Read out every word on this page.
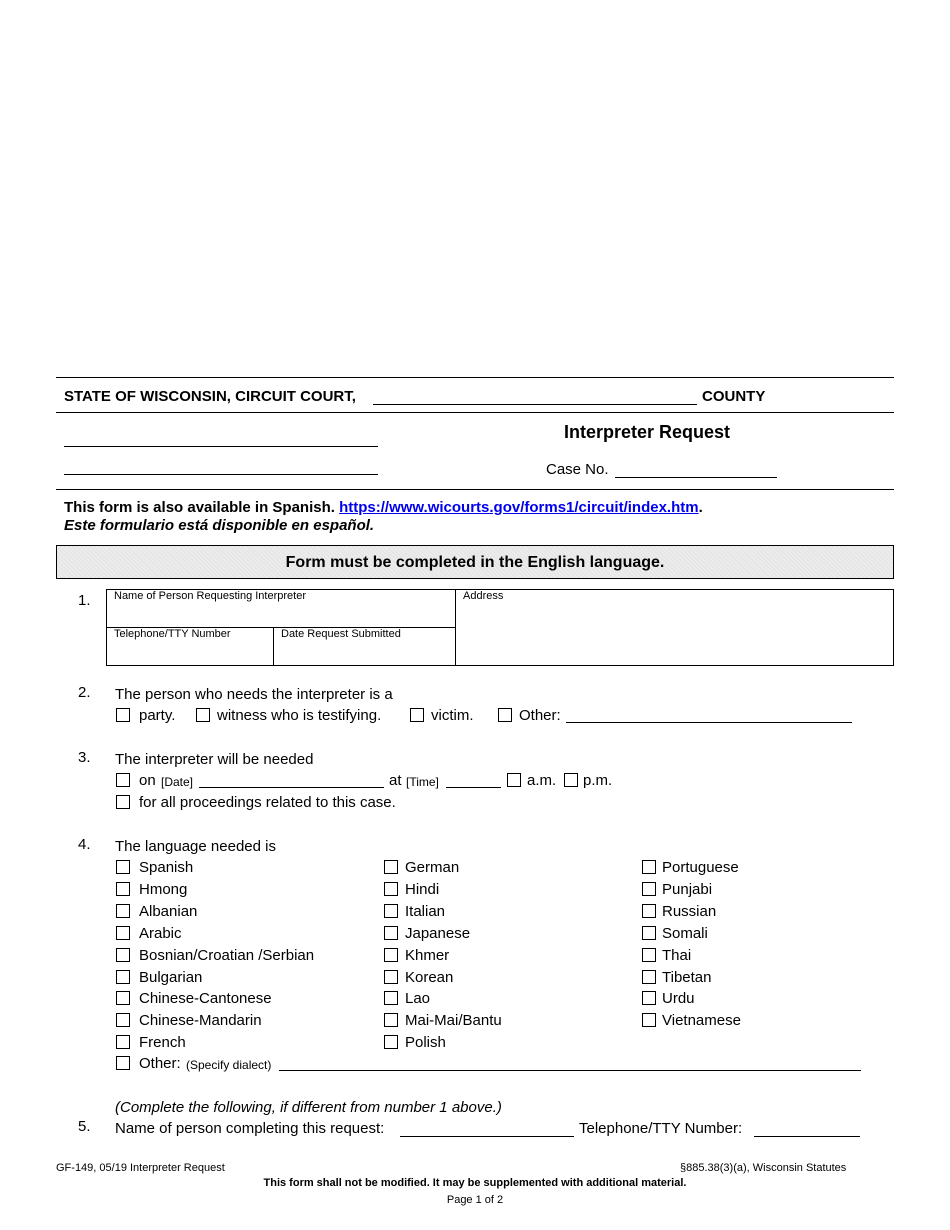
STATE OF WISCONSIN, CIRCUIT COURT,	COUNTY
Interpreter Request
Case No.
This form is also available in Spanish. https://www.wicourts.gov/forms1/circuit/index.htm.
Este formulario está disponible en español.
Form must be completed in the English language.
1. Name of Person Requesting Interpreter	Address
Telephone/TTY Number	Date Request Submitted
2. The person who needs the interpreter is a
party.	witness who is testifying.	victim.	Other:
3. The interpreter will be needed
on [Date]	at [Time]	a.m. p.m.
for all proceedings related to this case.
4. The language needed is
Spanish
Hmong
Albanian
Arabic
Bosnian/Croatian /Serbian
Bulgarian
Chinese-Cantonese
Chinese-Mandarin
French
German
Hindi
Italian
Japanese
Khmer
Korean
Lao
Mai-Mai/Bantu
Polish
Portuguese
Punjabi
Russian
Somali
Thai
Tibetan
Urdu
Vietnamese
Other: (Specify dialect)
(Complete the following, if different from number 1 above.)
5. Name of person completing this request:	Telephone/TTY Number:
GF-149, 05/19 Interpreter Request	§885.38(3)(a), Wisconsin Statutes
This form shall not be modified. It may be supplemented with additional material.
Page 1 of 2
